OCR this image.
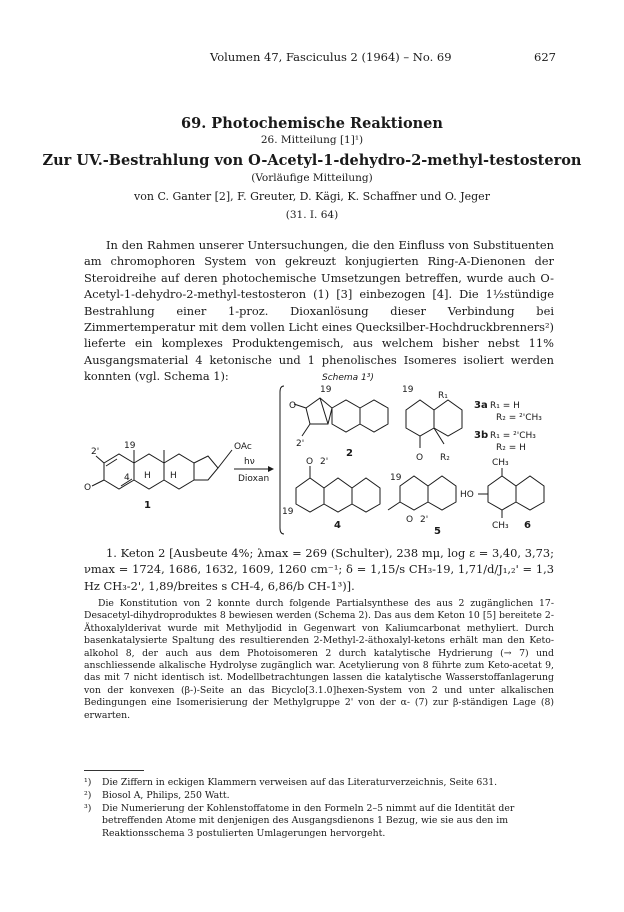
Volumen 47, Fasciculus 2 (1964) – No. 69	627
69. Photochemische Reaktionen
26. Mitteilung [1]¹)
Zur UV.-Bestrahlung von O-Acetyl-1-dehydro-2-methyl-testosteron
(Vorläufige Mitteilung)
von C. Ganter [2], F. Greuter, D. Kägi, K. Schaffner und O. Jeger
(31. I. 64)
In den Rahmen unserer Untersuchungen, die den Einfluss von Substituenten am chromophoren System von gekreuzt konjugierten Ring-A-Dienonen der Steroidreihe auf deren photochemische Umsetzungen betreffen, wurde auch O-Acetyl-1-dehydro-2-methyl-testosteron (1) [3] einbezogen [4]. Die 1½stündige Bestrahlung einer 1-proz. Dioxanlösung dieser Verbindung bei Zimmertemperatur mit dem vollen Licht eines Quecksilber-Hochdruckbrenners²) lieferte ein komplexes Produktengemisch, aus welchem bisher nebst 11% Ausgangsmaterial 4 ketonische und 1 phenolisches Isomeres isoliert werden konnten (vgl. Schema 1):	Schema 1³)
OAc
O
2'
19
4 H H
1
hν
Dioxan
O
2'
19
2
19
R₁
O R₂
3a R₁ = H
R₂ = ²'CH₃
3b R₁ = ²'CH₃
R₂ = H
O 2'
19
4
19
O 2'
5
CH₃
HO
CH₃ 6
1. Keton 2 [Ausbeute 4%; λmax = 269 (Schulter), 238 mμ, log ε = 3,40, 3,73; νmax = 1724, 1686, 1632, 1609, 1260 cm⁻¹; δ = 1,15/s CH₃-19, 1,71/d/J₁,₂' = 1,3 Hz CH₃-2', 1,89/breites s CH-4, 6,86/b CH-1³)].
Die Konstitution von 2 konnte durch folgende Partialsynthese des aus 2 zugänglichen 17-Desacetyl-dihydroproduktes 8 bewiesen werden (Schema 2). Das aus dem Keton 10 [5] bereitete 2-Äthoxalylderivat wurde mit Methyljodid in Gegenwart von Kaliumcarbonat methyliert. Durch basenkatalysierte Spaltung des resultierenden 2-Methyl-2-äthoxalyl-ketons erhält man den Keto-alkohol 8, der auch aus dem Photoisomeren 2 durch katalytische Hydrierung (→ 7) und anschliessende alkalische Hydrolyse zugänglich war. Acetylierung von 8 führte zum Keto-acetat 9, das mit 7 nicht identisch ist. Modellbetrachtungen lassen die katalytische Wasserstoffanlagerung von der konvexen (β-)-Seite an das Bicyclo[3.1.0]hexen-System von 2 und unter alkalischen Bedingungen eine Isomerisierung der Methylgruppe 2' von der α- (7) zur β-ständigen Lage (8) erwarten.
¹)	Die Ziffern in eckigen Klammern verweisen auf das Literaturverzeichnis, Seite 631.
²)	Biosol A, Philips, 250 Watt.
³)	Die Numerierung der Kohlenstoffatome in den Formeln 2–5 nimmt auf die Identität der betreffenden Atome mit denjenigen des Ausgangsdienons 1 Bezug, wie sie aus den im Reaktionsschema 3 postulierten Umlagerungen hervorgeht.
